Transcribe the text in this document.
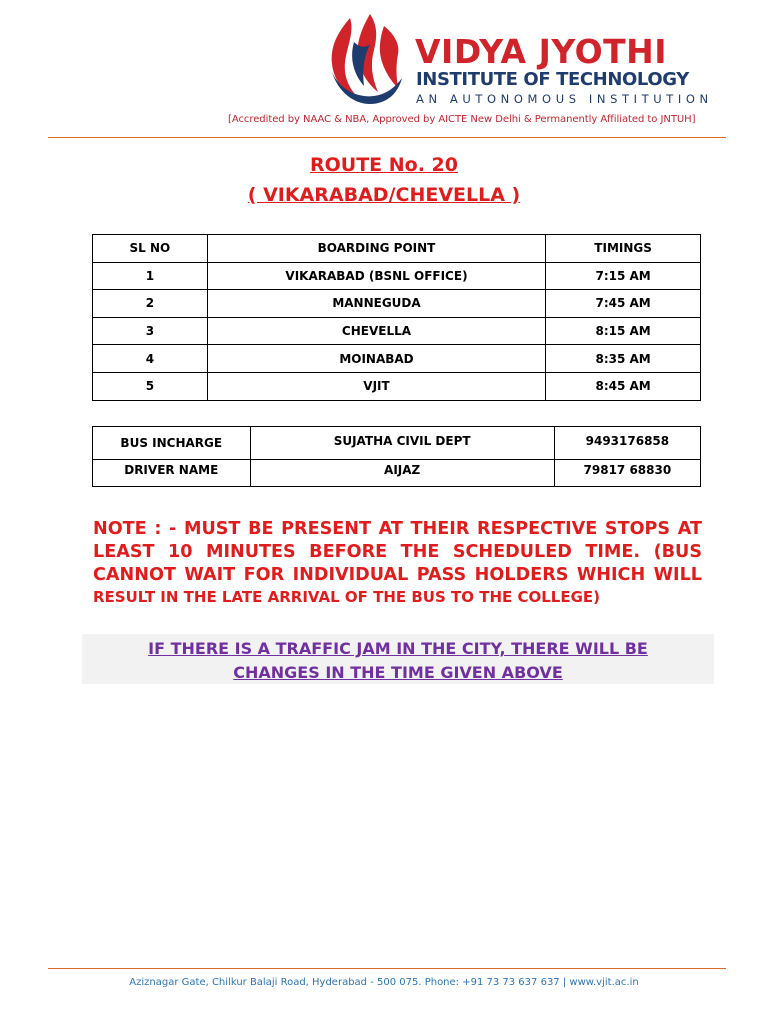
VIDYA JYOTHI
INSTITUTE OF TECHNOLOGY
AN AUTONOMOUS INSTITUTION
[Accredited by NAAC & NBA, Approved by AICTE New Delhi & Permanently Affiliated to JNTUH]
ROUTE No. 20
( VIKARABAD/CHEVELLA )
SL NO	BOARDING POINT	TIMINGS
1	VIKARABAD (BSNL OFFICE)	7:15 AM
2	MANNEGUDA	7:45 AM
3	CHEVELLA	8:15 AM
4	MOINABAD	8:35 AM
5	VJIT	8:45 AM
BUS INCHARGE	SUJATHA CIVIL DEPT	9493176858
DRIVER NAME	AIJAZ	79817 68830
NOTE : - MUST BE PRESENT AT THEIR RESPECTIVE STOPS AT
LEAST 10 MINUTES BEFORE THE SCHEDULED TIME. (BUS
CANNOT WAIT FOR INDIVIDUAL PASS HOLDERS WHICH WILL
RESULT IN THE LATE ARRIVAL OF THE BUS TO THE COLLEGE)
IF THERE IS A TRAFFIC JAM IN THE CITY, THERE WILL BE
CHANGES IN THE TIME GIVEN ABOVE
Aziznagar Gate, Chilkur Balaji Road, Hyderabad - 500 075. Phone: +91 73 73 637 637 | www.vjit.ac.in
